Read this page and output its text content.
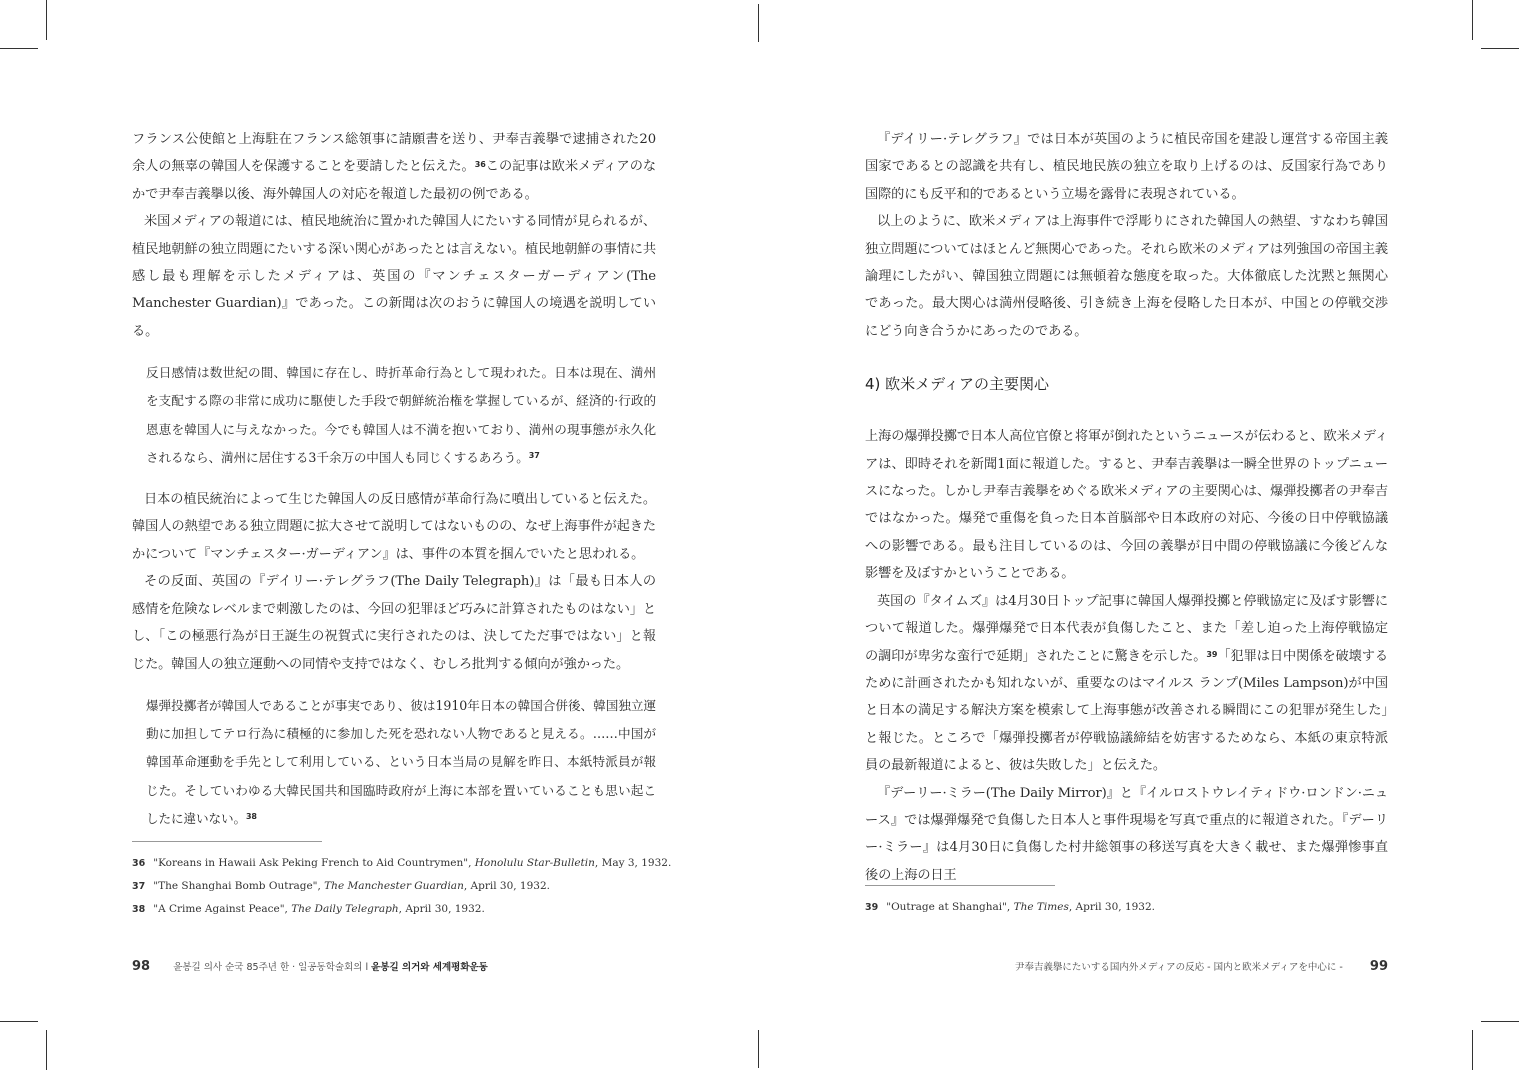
フランス公使館と上海駐在フランス総領事に請願書を送り、尹奉吉義擧で逮捕された20余人の無辜の韓国人を保護することを要請したと伝えた。$^{36}$この記事は欧米メディアのなかで尹奉吉義擧以後、海外韓国人の対応を報道した最初の例である。

米国メディアの報道には、植民地統治に置かれた韓国人にたいする同情が見られるが、植民地朝鮮の独立問題にたいする深い関心があったとは言えない。植民地朝鮮の事情に共感し最も理解を示したメディアは、英国の『マンチェスターガーディアン(The Manchester Guardian)』であった。この新聞は次のおうに韓国人の境遇を説明している。

反日感情は数世紀の間、韓国に存在し、時折革命行為として現われた。日本は現在、満州を支配する際の非常に成功に駆使した手段で朝鮮統治権を掌握しているが、経済的·行政的恩恵を韓国人に与えなかった。今でも韓国人は不満を抱いており、満州の現事態が永久化されるなら、満州に居住する3千余万の中国人も同じくするあろう。$^{37}$

日本の植民統治によって生じた韓国人の反日感情が革命行為に噴出していると伝えた。韓国人の熱望である独立問題に拡大させて説明してはないものの、なぜ上海事件が起きたかについて『マンチェスター·ガーディアン』は、事件の本質を掴んでいたと思われる。

その反面、英国の『デイリー·テレグラフ(The Daily Telegraph)』は「最も日本人の感情を危険なレベルまで刺激したのは、今回の犯罪ほど巧みに計算されたものはない」とし、「この極悪行為が日王誕生の祝賀式に実行されたのは、決してただ事ではない」と報じた。韓国人の独立運動への同情や支持ではなく、むしろ批判する傾向が強かった。

爆弾投擲者が韓国人であることが事実であり、彼は1910年日本の韓国合併後、韓国独立運動に加担してテロ行為に積極的に参加した死を恐れない人物であると見える。……中国が韓国革命運動を手先として利用している、という日本当局の見解を昨日、本紙特派員が報じた。そしていわゆる大韓民国共和国臨時政府が上海に本部を置いていることも思い起こしたに違いない。$^{38}$

36 "Koreans in Hawaii Ask Peking French to Aid Countrymen", Honolulu Star-Bulletin, May 3, 1932.
37 "The Shanghai Bomb Outrage", The Manchester Guardian, April 30, 1932.
38 "A Crime Against Peace", The Daily Telegraph, April 30, 1932.
98 윤봉길 의사 순국 85주년 한 · 일공동학술회의 l 윤봉길 의거와 세계평화운동

『デイリー·テレグラフ』では日本が英国のように植民帝国を建設し運営する帝国主義国家であるとの認識を共有し、植民地民族の独立を取り上げるのは、反国家行為であり国際的にも反平和的であるという立場を露骨に表現されている。

以上のように、欧米メディアは上海事件で浮彫りにされた韓国人の熱望、すなわち韓国独立問題についてはほとんど無関心であった。それら欧米のメディアは列強国の帝国主義論理にしたがい、韓国独立問題には無頓着な態度を取った。大体徹底した沈黙と無関心であった。最大関心は満州侵略後、引き続き上海を侵略した日本が、中国との停戦交渉にどう向き合うかにあったのである。

4) 欧米メディアの主要関心

上海の爆弾投擲で日本人高位官僚と将軍が倒れたというニュースが伝わると、欧米メディアは、即時それを新聞1面に報道した。すると、尹奉吉義擧は一瞬全世界のトップニュースになった。しかし尹奉吉義擧をめぐる欧米メディアの主要関心は、爆弾投擲者の尹奉吉ではなかった。爆発で重傷を負った日本首脳部や日本政府の対応、今後の日中停戦協議への影響である。最も注目しているのは、今回の義擧が日中間の停戦協議に今後どんな影響を及ぼすかということである。

英国の『タイムズ』は4月30日トップ記事に韓国人爆弾投擲と停戦協定に及ぼす影響について報道した。爆弾爆発で日本代表が負傷したこと、また「差し迫った上海停戦協定の調印が卑劣な蛮行で延期」されたことに驚きを示した。$^{39}$「犯罪は日中関係を破壊するために計画されたかも知れないが、重要なのはマイルス ランプ(Miles Lampson)が中国と日本の満足する解決方案を模索して上海事態が改善される瞬間にこの犯罪が発生した」と報じた。ところで「爆弾投擲者が停戦協議締結を妨害するためなら、本紙の東京特派員の最新報道によると、彼は失敗した」と伝えた。

『デーリー·ミラー(The Daily Mirror)』と『イルロストウレイティドウ·ロンドン·ニュース』では爆弾爆発で負傷した日本人と事件現場を写真で重点的に報道された。『デーリー·ミラー』は4月30日に負傷した村井総領事の移送写真を大きく載せ、また爆弾惨事直後の上海の日王

39 "Outrage at Shanghai", The Times, April 30, 1932.
尹奉吉義擧にたいする国内外メディアの反応 - 国内と欧米メディアを中心に - 99
